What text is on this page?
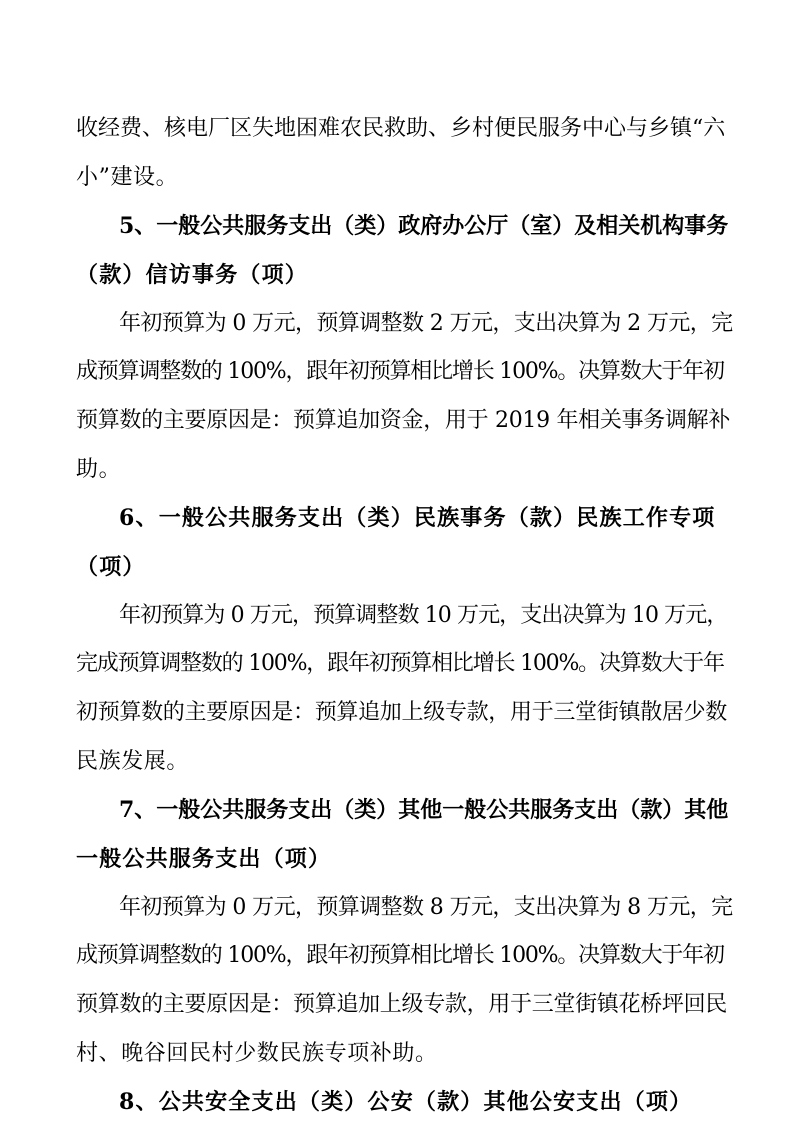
收经费、核电厂区失地困难农民救助、乡村便民服务中心与乡镇“六
小”建设。
5、一般公共服务支出（类）政府办公厅（室）及相关机构事务
（款）信访事务（项）
年初预算为 0 万元，预算调整数 2 万元，支出决算为 2 万元，完
成预算调整数的 100%，跟年初预算相比增长 100%。决算数大于年初
预算数的主要原因是：预算追加资金，用于 2019 年相关事务调解补
助。
6、一般公共服务支出（类）民族事务（款）民族工作专项
（项）
年初预算为 0 万元，预算调整数 10 万元，支出决算为 10 万元，
完成预算调整数的 100%，跟年初预算相比增长 100%。决算数大于年
初预算数的主要原因是：预算追加上级专款，用于三堂街镇散居少数
民族发展。
7、一般公共服务支出（类）其他一般公共服务支出（款）其他
一般公共服务支出（项）
年初预算为 0 万元，预算调整数 8 万元，支出决算为 8 万元，完
成预算调整数的 100%，跟年初预算相比增长 100%。决算数大于年初
预算数的主要原因是：预算追加上级专款，用于三堂街镇花桥坪回民
村、晚谷回民村少数民族专项补助。
8、公共安全支出（类）公安（款）其他公安支出（项）
